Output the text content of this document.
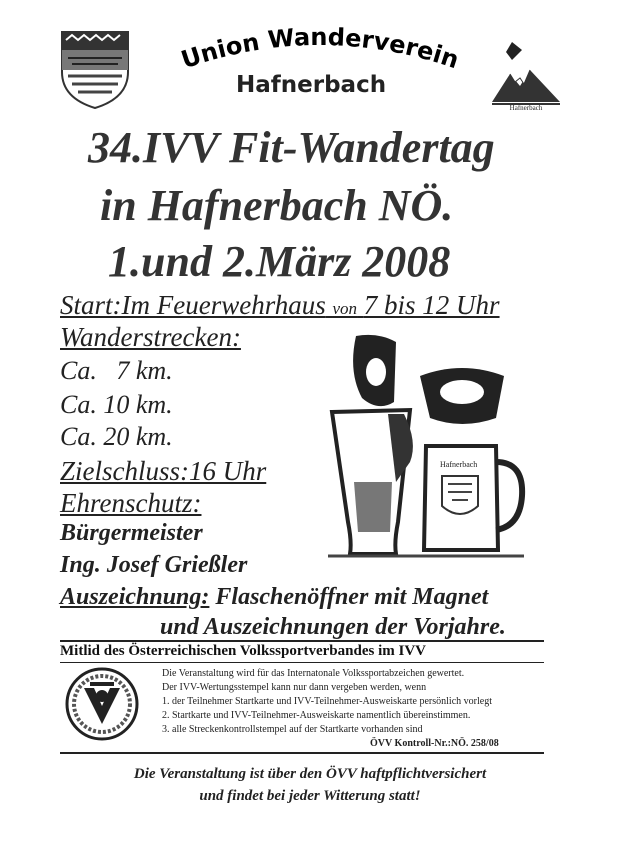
Union Wanderverein
Hafnerbach
Hafnerbach
34.IVV Fit-Wandertag
in Hafnerbach NÖ.
1.und 2.März 2008
Start:Im Feuerwehrhaus von 7 bis 12 Uhr
Wanderstrecken:
Ca.   7 km.
Ca. 10 km.
Ca. 20 km.
Zielschluss:16 Uhr
Ehrenschutz:
Bürgermeister
Ing. Josef Grießler
Hafnerbach
Auszeichnung: Flaschenöffner mit Magnet
und Auszeichnungen der Vorjahre.
Mitlid des Österreichischen Volkssportverbandes im IVV
Die Veranstaltung wird für das Internatonale Volkssportabzeichen gewertet.
Der IVV-Wertungsstempel kann nur dann vergeben werden, wenn
1. der Teilnehmer Startkarte und IVV-Teilnehmer-Ausweiskarte persönlich vorlegt
2. Startkarte und IVV-Teilnehmer-Ausweiskarte namentlich übereinstimmen.
3. alle Streckenkontrollstempel auf der Startkarte vorhanden sind
ÖVV Kontroll-Nr.:NÖ. 258/08
Die Veranstaltung ist über den ÖVV haftpflichtversichert
und findet bei jeder Witterung statt!
